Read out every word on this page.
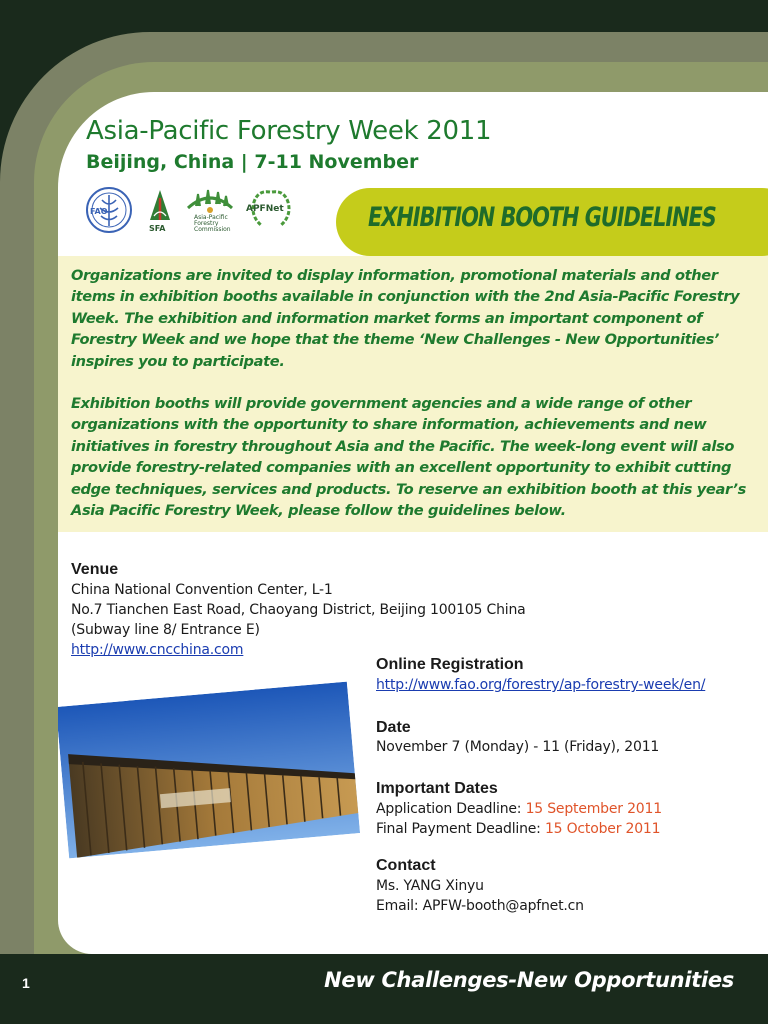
Asia-Pacific Forestry Week 2011
Beijing, China | 7-11 November
FAO
SFA
Asia-Pacific
Forestry
Commission
APFNet	EXHIBITION BOOTH GUIDELINES

Organizations are invited to display information, promotional materials and other
items in exhibition booths available in conjunction with the 2nd Asia-Pacific Forestry
Week. The exhibition and information market forms an important component of
Forestry Week and we hope that the theme ‘New Challenges - New Opportunities’
inspires you to participate.

Exhibition booths will provide government agencies and a wide range of other
organizations with the opportunity to share information, achievements and new
initiatives in forestry throughout Asia and the Pacific. The week-long event will also
provide forestry-related companies with an excellent opportunity to exhibit cutting
edge techniques, services and products. To reserve an exhibition booth at this year’s
Asia Pacific Forestry Week, please follow the guidelines below.

Venue

China National Convention Center, L-1

No.7 Tianchen East Road, Chaoyang District, Beijing 100105 China

(Subway line 8/ Entrance E)

http://www.cncchina.com

Online Registration

http://www.fao.org/forestry/ap-forestry-week/en/

Date

November 7 (Monday) - 11 (Friday), 2011

Important Dates

Application Deadline: 15 September 2011

Final Payment Deadline: 15 October 2011

Contact

Ms. YANG Xinyu

Email: APFW-booth@apfnet.cn

1	New Challenges-New Opportunities
